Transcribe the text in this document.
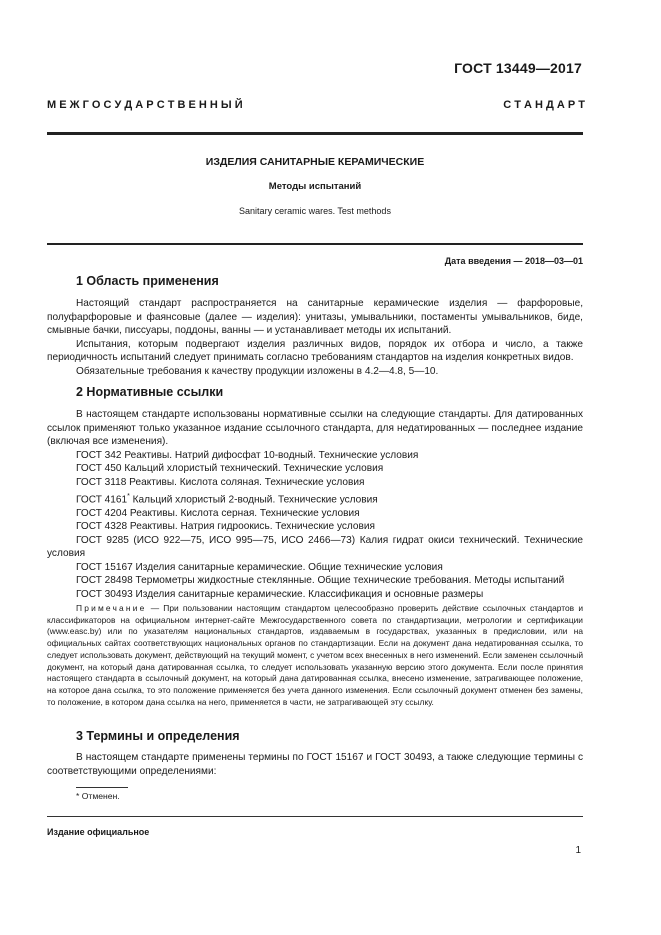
ГОСТ 13449—2017
М Е Ж Г О С У Д А Р С Т В Е Н Н Ы Й	С Т А Н Д А Р Т
ИЗДЕЛИЯ САНИТАРНЫЕ КЕРАМИЧЕСКИЕ
Методы испытаний
Sanitary ceramic wares. Test methods
Дата введения — 2018—03—01
1 Область применения

Настоящий стандарт распространяется на санитарные керамические изделия — фарфоровые, полуфарфоровые и фаянсовые (далее — изделия): унитазы, умывальники, постаменты умывальников, биде, смывные бачки, писсуары, поддоны, ванны — и устанавливает методы их испытаний.

Испытания, которым подвергают изделия различных видов, порядок их отбора и число, а также периодичность испытаний следует принимать согласно требованиям стандартов на изделия конкретных видов.

Обязательные требования к качеству продукции изложены в 4.2—4.8, 5—10.

2 Нормативные ссылки

В настоящем стандарте использованы нормативные ссылки на следующие стандарты. Для датированных ссылок применяют только указанное издание ссылочного стандарта, для недатированных — последнее издание (включая все изменения).

ГОСТ 342 Реактивы. Натрий дифосфат 10-водный. Технические условия

ГОСТ 450 Кальций хлористый технический. Технические условия

ГОСТ 3118 Реактивы. Кислота соляная. Технические условия

ГОСТ 4161* Кальций хлористый 2-водный. Технические условия

ГОСТ 4204 Реактивы. Кислота серная. Технические условия

ГОСТ 4328 Реактивы. Натрия гидроокись. Технические условия

ГОСТ 9285 (ИСО 922—75, ИСО 995—75, ИСО 2466—73) Калия гидрат окиси технический. Технические условия

ГОСТ 15167 Изделия санитарные керамические. Общие технические условия

ГОСТ 28498 Термометры жидкостные стеклянные. Общие технические требования. Методы испытаний

ГОСТ 30493 Изделия санитарные керамические. Классификация и основные размеры

Примечание — При пользовании настоящим стандартом целесообразно проверить действие ссылочных стандартов и классификаторов на официальном интернет-сайте Межгосударственного совета по стандартизации, метрологии и сертификации (www.easc.by) или по указателям национальных стандартов, издаваемым в государствах, указанных в предисловии, или на официальных сайтах соответствующих национальных органов по стандартизации. Если на документ дана недатированная ссылка, то следует использовать документ, действующий на текущий момент, с учетом всех внесенных в него изменений. Если заменен ссылочный документ, на который дана датированная ссылка, то следует использовать указанную версию этого документа. Если после принятия настоящего стандарта в ссылочный документ, на который дана датированная ссылка, внесено изменение, затрагивающее положение, на которое дана ссылка, то это положение применяется без учета данного изменения. Если ссылочный документ отменен без замены, то положение, в котором дана ссылка на него, применяется в части, не затрагивающей эту ссылку.

3 Термины и определения

В настоящем стандарте применены термины по ГОСТ 15167 и ГОСТ 30493, а также следующие термины с соответствующими определениями:

* Отменен.
Издание официальное
1
